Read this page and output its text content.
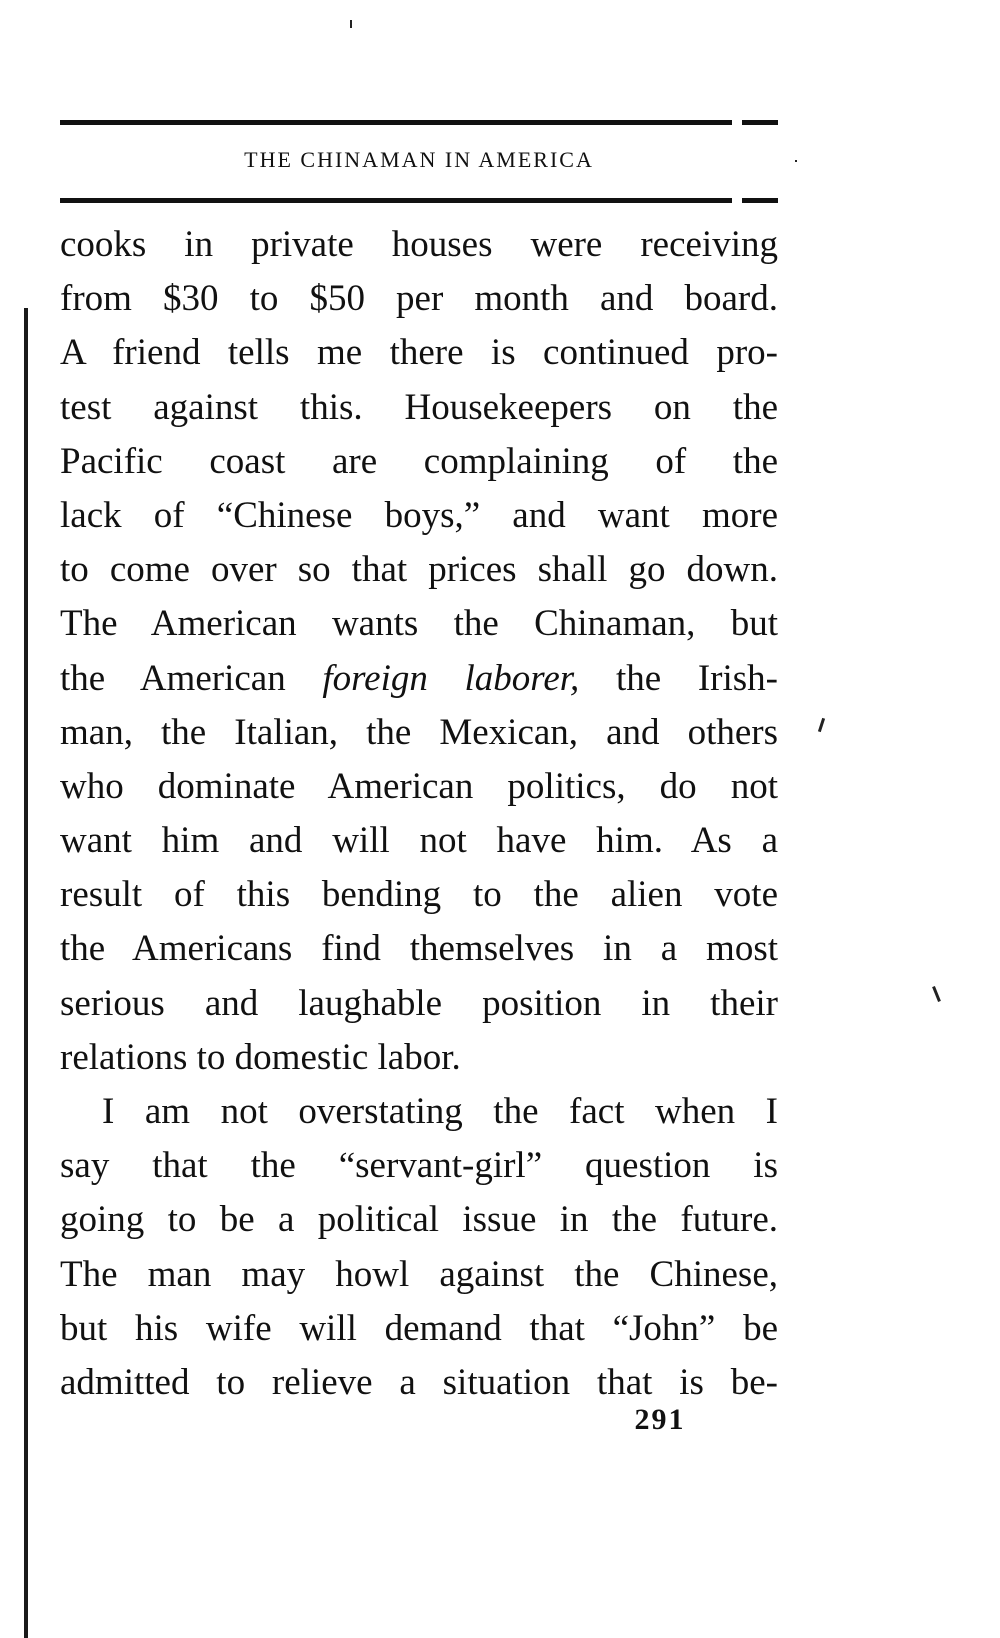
THE CHINAMAN IN AMERICA
cooks in private houses were receiving
from $30 to $50 per month and board.
A friend tells me there is continued pro-
test against this. Housekeepers on the
Pacific coast are complaining of the
lack of “Chinese boys,” and want more
to come over so that prices shall go down.
The American wants the Chinaman, but
the American foreign laborer, the Irish-
man, the Italian, the Mexican, and others
who dominate American politics, do not
want him and will not have him. As a
result of this bending to the alien vote
the Americans find themselves in a most
serious and laughable position in their
relations to domestic labor.
I am not overstating the fact when I
say that the “servant-girl” question is
going to be a political issue in the future.
The man may howl against the Chinese,
but his wife will demand that “John” be
admitted to relieve a situation that is be-
291
